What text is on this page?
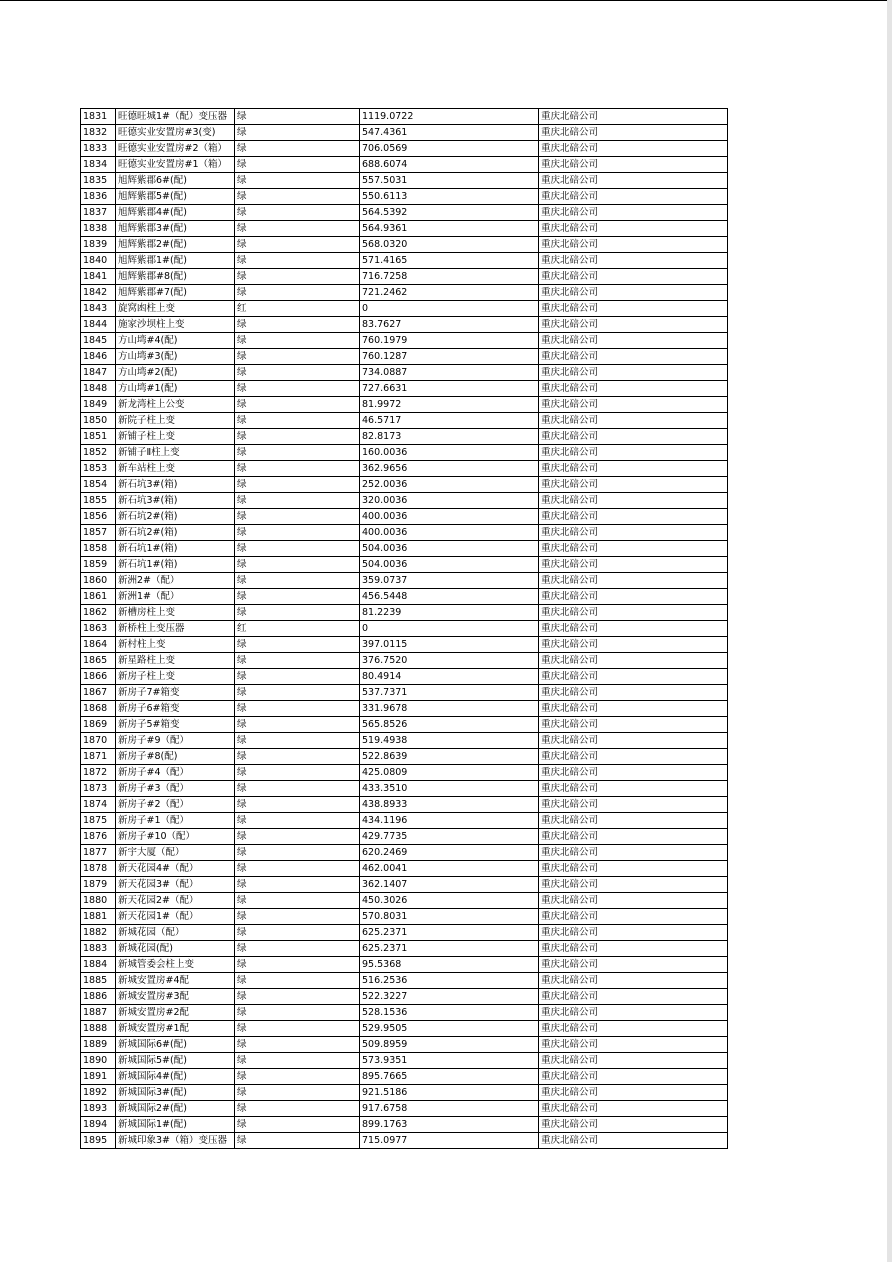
1831	旺德旺城1#（配）变压器	绿	1119.0722	重庆北碚公司
1832	旺德实业安置房#3(变)	绿	547.4361	重庆北碚公司
1833	旺德实业安置房#2（箱）	绿	706.0569	重庆北碚公司
1834	旺德实业安置房#1（箱）	绿	688.6074	重庆北碚公司
1835	旭辉紫郡6#(配)	绿	557.5031	重庆北碚公司
1836	旭辉紫郡5#(配)	绿	550.6113	重庆北碚公司
1837	旭辉紫郡4#(配)	绿	564.5392	重庆北碚公司
1838	旭辉紫郡3#(配)	绿	564.9361	重庆北碚公司
1839	旭辉紫郡2#(配)	绿	568.0320	重庆北碚公司
1840	旭辉紫郡1#(配)	绿	571.4165	重庆北碚公司
1841	旭辉紫郡#8(配)	绿	716.7258	重庆北碚公司
1842	旭辉紫郡#7(配)	绿	721.2462	重庆北碚公司
1843	旋窝凼柱上变	红	0	重庆北碚公司
1844	施家沙坝柱上变	绿	83.7627	重庆北碚公司
1845	方山塆#4(配)	绿	760.1979	重庆北碚公司
1846	方山塆#3(配)	绿	760.1287	重庆北碚公司
1847	方山塆#2(配)	绿	734.0887	重庆北碚公司
1848	方山塆#1(配)	绿	727.6631	重庆北碚公司
1849	新龙湾柱上公变	绿	81.9972	重庆北碚公司
1850	新院子柱上变	绿	46.5717	重庆北碚公司
1851	新铺子柱上变	绿	82.8173	重庆北碚公司
1852	新铺子Ⅱ柱上变	绿	160.0036	重庆北碚公司
1853	新车站柱上变	绿	362.9656	重庆北碚公司
1854	新石坑3#(箱)	绿	252.0036	重庆北碚公司
1855	新石坑3#(箱)	绿	320.0036	重庆北碚公司
1856	新石坑2#(箱)	绿	400.0036	重庆北碚公司
1857	新石坑2#(箱)	绿	400.0036	重庆北碚公司
1858	新石坑1#(箱)	绿	504.0036	重庆北碚公司
1859	新石坑1#(箱)	绿	504.0036	重庆北碚公司
1860	新洲2#（配）	绿	359.0737	重庆北碚公司
1861	新洲1#（配）	绿	456.5448	重庆北碚公司
1862	新槽房柱上变	绿	81.2239	重庆北碚公司
1863	新桥柱上变压器	红	0	重庆北碚公司
1864	新村柱上变	绿	397.0115	重庆北碚公司
1865	新星路柱上变	绿	376.7520	重庆北碚公司
1866	新房子柱上变	绿	80.4914	重庆北碚公司
1867	新房子7#箱变	绿	537.7371	重庆北碚公司
1868	新房子6#箱变	绿	331.9678	重庆北碚公司
1869	新房子5#箱变	绿	565.8526	重庆北碚公司
1870	新房子#9（配）	绿	519.4938	重庆北碚公司
1871	新房子#8(配)	绿	522.8639	重庆北碚公司
1872	新房子#4（配）	绿	425.0809	重庆北碚公司
1873	新房子#3（配）	绿	433.3510	重庆北碚公司
1874	新房子#2（配）	绿	438.8933	重庆北碚公司
1875	新房子#1（配）	绿	434.1196	重庆北碚公司
1876	新房子#10（配）	绿	429.7735	重庆北碚公司
1877	新宇大厦（配）	绿	620.2469	重庆北碚公司
1878	新天花园4#（配）	绿	462.0041	重庆北碚公司
1879	新天花园3#（配）	绿	362.1407	重庆北碚公司
1880	新天花园2#（配）	绿	450.3026	重庆北碚公司
1881	新天花园1#（配）	绿	570.8031	重庆北碚公司
1882	新城花园（配）	绿	625.2371	重庆北碚公司
1883	新城花园(配)	绿	625.2371	重庆北碚公司
1884	新城管委会柱上变	绿	95.5368	重庆北碚公司
1885	新城安置房#4配	绿	516.2536	重庆北碚公司
1886	新城安置房#3配	绿	522.3227	重庆北碚公司
1887	新城安置房#2配	绿	528.1536	重庆北碚公司
1888	新城安置房#1配	绿	529.9505	重庆北碚公司
1889	新城国际6#(配)	绿	509.8959	重庆北碚公司
1890	新城国际5#(配)	绿	573.9351	重庆北碚公司
1891	新城国际4#(配)	绿	895.7665	重庆北碚公司
1892	新城国际3#(配)	绿	921.5186	重庆北碚公司
1893	新城国际2#(配)	绿	917.6758	重庆北碚公司
1894	新城国际1#(配)	绿	899.1763	重庆北碚公司
1895	新城印象3#（箱）变压器	绿	715.0977	重庆北碚公司
